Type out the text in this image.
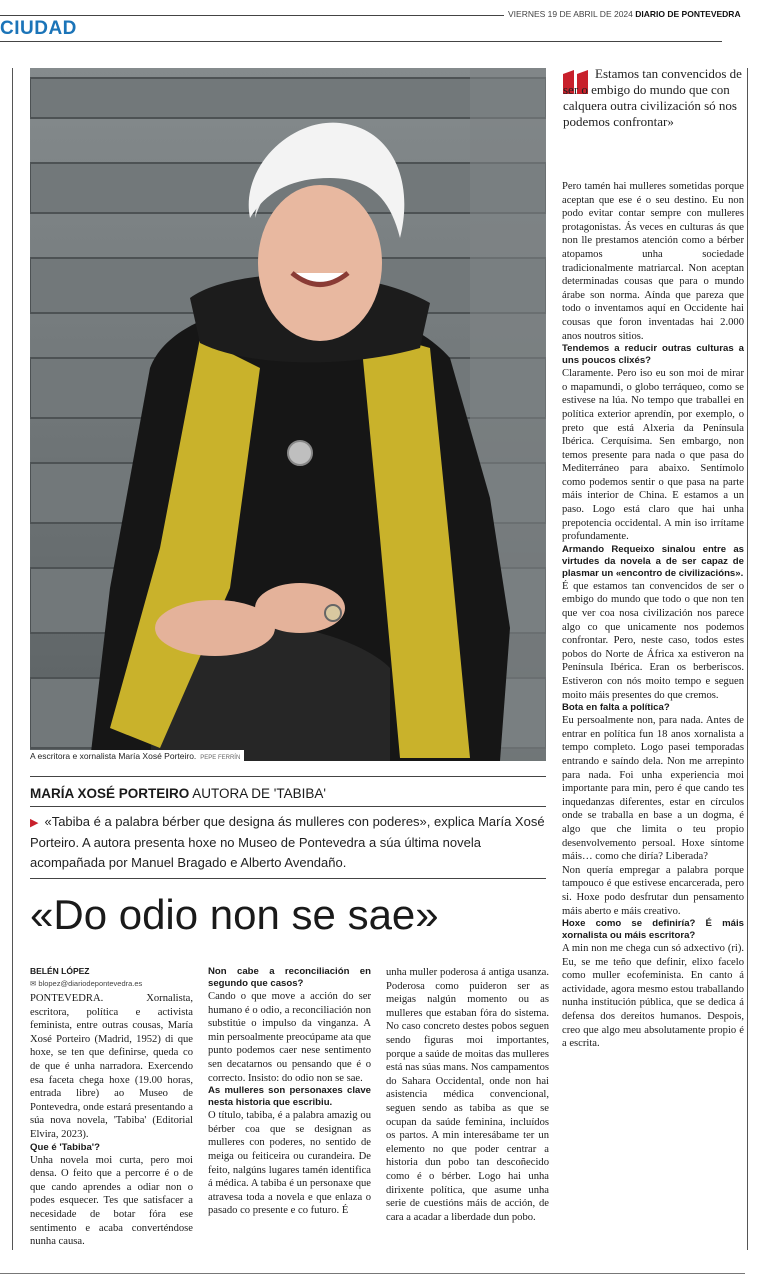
VIERNES 19 DE ABRIL DE 2024 DIARIO DE PONTEVEDRA
CIUDAD
A escritora e xornalista María Xosé Porteiro. PEPE FERRÍN
Estamos tan convencidos de ser o embigo do mundo que con calquera outra civilización só nos podemos confrontar»

Pero tamén hai mulleres sometidas porque aceptan que ese é o seu destino. Eu non podo evitar contar sempre con mulleres protagonistas. Ás veces en culturas ás que non lle prestamos atención como a bérber atopamos unha sociedade tradicionalmente matriarcal. Non aceptan determinadas cousas que para o mundo árabe son norma. Aínda que pareza que todo o inventamos aquí en Occidente hai cousas que foron inventadas hai 2.000 anos noutros sitios.

Tendemos a reducir outras culturas a uns poucos clixés?

Claramente. Pero iso eu son moi de mirar o mapamundi, o globo terráqueo, como se estivese na lúa. No tempo que traballei en política exterior aprendín, por exemplo, o preto que está Alxeria da Península Ibérica. Cerquísima. Sen embargo, non temos presente para nada o que pasa do Mediterráneo para abaixo. Sentímolo como podemos sentir o que pasa na parte máis interior de China. E estamos a un paso. Logo está claro que hai unha prepotencia occidental. A min iso irrítame profundamente.

Armando Requeixo sinalou entre as virtudes da novela a de ser capaz de plasmar un «encontro de civilizacións».

É que estamos tan convencidos de ser o embigo do mundo que todo o que non ten que ver coa nosa civilización nos parece algo co que unicamente nos podemos confrontar. Pero, neste caso, todos estes pobos do Norte de África xa estiveron na Península Ibérica. Eran os berberiscos. Estiveron con nós moito tempo e seguen moito máis presentes do que cremos.

Bota en falta a política?

Eu persoalmente non, para nada. Antes de entrar en política fun 18 anos xornalista a tempo completo. Logo pasei temporadas entrando e saíndo dela. Non me arrepinto para nada. Foi unha experiencia moi importante para min, pero é que cando tes inquedanzas diferentes, estar en círculos onde se traballa en base a un dogma, é algo que che limita o teu propio desenvolvemento persoal. Hoxe síntome máis… como che diría? Liberada?

Non quería empregar a palabra porque tampouco é que estivese encarcerada, pero si. Hoxe podo desfrutar dun pensamento máis aberto e máis creativo.

Hoxe como se definiría? É máis xornalista ou máis escritora?

A min non me chega cun só adxectivo (ri). Eu, se me teño que definir, elixo facelo como muller ecofeminista. En canto á actividade, agora mesmo estou traballando nunha institución pública, que se dedica á defensa dos dereitos humanos. Despois, creo que algo meu absolutamente propio é a escrita.

MARÍA XOSÉ PORTEIRO AUTORA DE 'TABIBA'
▶ «Tabiba é a palabra bérber que designa ás mulleres con poderes», explica María Xosé Porteiro. A autora presenta hoxe no Museo de Pontevedra a súa última novela acompañada por Manuel Bragado e Alberto Avendaño.
«Do odio non se sae»
BELÉN LÓPEZ
✉ blopez@diariodepontevedra.es

PONTEVEDRA. Xornalista, escritora, política e activista feminista, entre outras cousas, María Xosé Porteiro (Madrid, 1952) di que hoxe, se ten que definirse, queda co de que é unha narradora. Exercendo esa faceta chega hoxe (19.00 horas, entrada libre) ao Museo de Pontevedra, onde estará presentando a súa nova novela, 'Tabiba' (Editorial Elvira, 2023).

Que é 'Tabiba'?

Unha novela moi curta, pero moi densa. O feito que a percorre é o de que cando aprendes a odiar non o podes esquecer. Tes que satisfacer a necesidade de botar fóra ese sentimento e acaba converténdose nunha causa.

Non cabe a reconciliación en segundo que casos?

Cando o que move a acción do ser humano é o odio, a reconciliación non substitúe o impulso da vinganza. A min persoalmente preocúpame ata que punto podemos caer nese sentimento sen decatarnos ou pensando que é o correcto. Insisto: do odio non se sae.

As mulleres son personaxes clave nesta historia que escribiu.

O título, tabiba, é a palabra amazig ou bérber coa que se designan as mulleres con poderes, no sentido de meiga ou feiticeira ou curandeira. De feito, nalgúns lugares tamén identifica á médica. A tabiba é un personaxe que atravesa toda a novela e que enlaza o pasado co presente e co futuro. É

unha muller poderosa á antiga usanza. Poderosa como puideron ser as meigas nalgún momento ou as mulleres que estaban fóra do sistema. No caso concreto destes pobos seguen sendo figuras moi importantes, porque a saúde de moitas das mulleres está nas súas mans. Nos campamentos do Sahara Occidental, onde non hai asistencia médica convencional, seguen sendo as tabiba as que se ocupan da saúde feminina, incluídos os partos. A min interesábame ter un elemento no que poder centrar a historia dun pobo tan descoñecido como é o bérber. Logo hai unha dirixente política, que asume unha serie de cuestións máis de acción, de cara a acadar a liberdade dun pobo.
